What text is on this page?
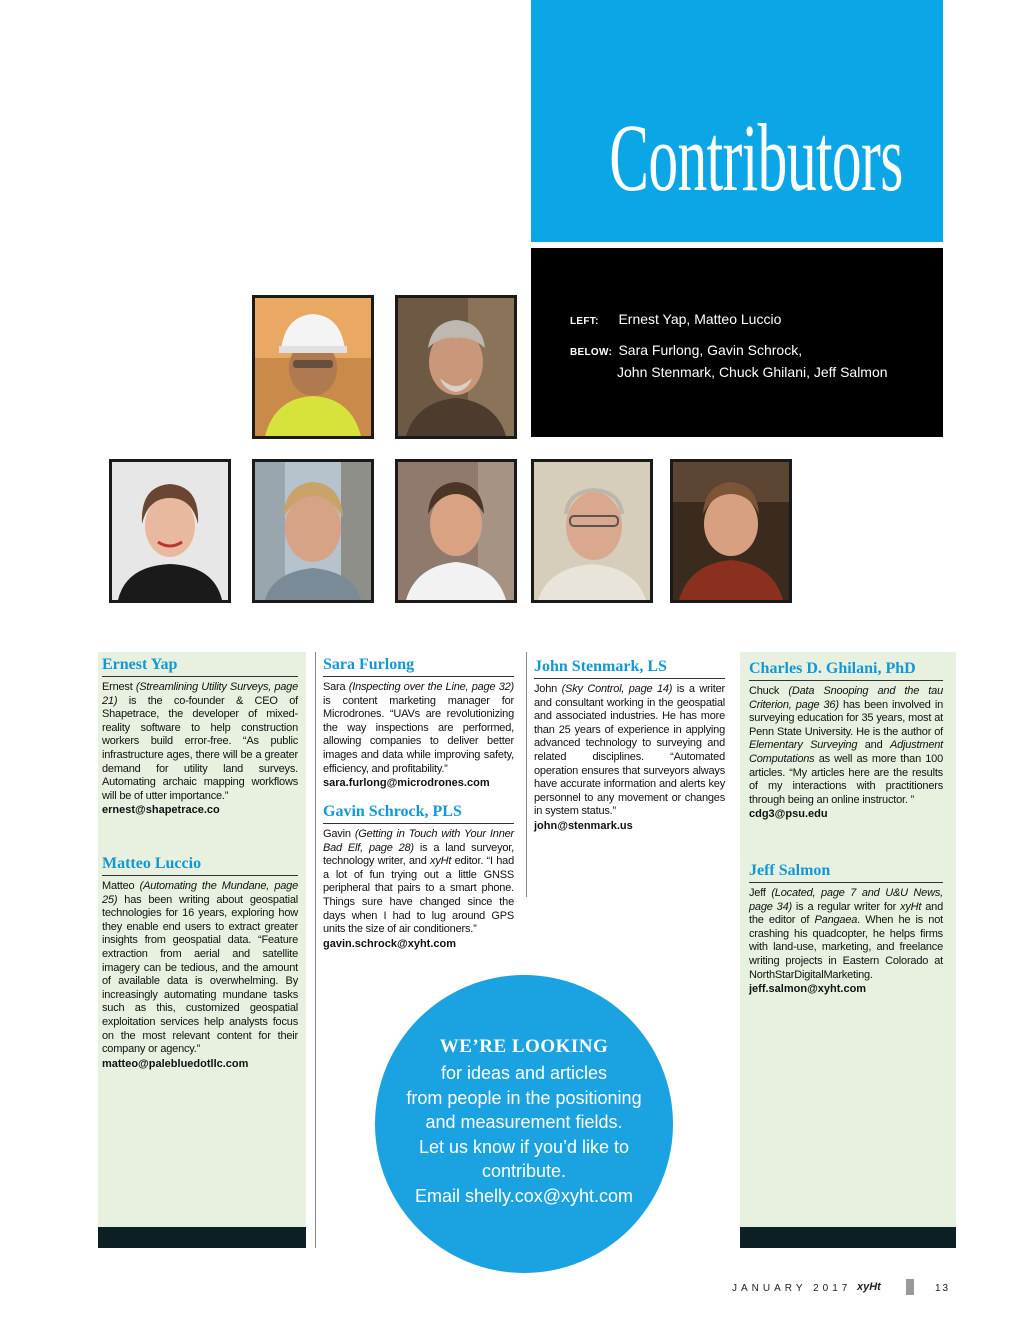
Contributors
LEFT: Ernest Yap, Matteo Luccio
BELOW: Sara Furlong, Gavin Schrock,
John Stenmark, Chuck Ghilani, Jeff Salmon
Ernest Yap
Ernest (Streamlining Utility Surveys, page 21) is the co-founder & CEO of Shapetrace, the developer of mixed-reality software to help construction workers build error-free. “As public infrastructure ages, there will be a greater demand for utility land surveys. Automating archaic mapping workflows will be of utter importance.”
ernest@shapetrace.co
Matteo Luccio
Matteo (Automating the Mundane, page 25) has been writing about geospatial technologies for 16 years, exploring how they enable end users to extract greater insights from geospatial data. “Feature extraction from aerial and satellite imagery can be tedious, and the amount of available data is overwhelming. By increasingly automating mundane tasks such as this, customized geospatial exploitation services help analysts focus on the most relevant content for their company or agency.”
matteo@palebluedotllc.com
Sara Furlong
Sara (Inspecting over the Line, page 32) is content marketing manager for Microdrones. “UAVs are revolutionizing the way inspections are performed, allowing companies to deliver better images and data while improving safety, efficiency, and profitability.”
sara.furlong@microdrones.com
Gavin Schrock, PLS
Gavin (Getting in Touch with Your Inner Bad Elf, page 28) is a land surveyor, technology writer, and xyHt editor. “I had a lot of fun trying out a little GNSS peripheral that pairs to a smart phone. Things sure have changed since the days when I had to lug around GPS units the size of air conditioners.”
gavin.schrock@xyht.com
John Stenmark, LS
John (Sky Control, page 14) is a writer and consultant working in the geospatial and associated industries. He has more than 25 years of experience in applying advanced technology to surveying and related disciplines. “Automated operation ensures that surveyors always have accurate information and alerts key personnel to any movement or changes in system status.”
john@stenmark.us
Charles D. Ghilani, PhD
Chuck (Data Snooping and the tau Criterion, page 36) has been involved in surveying education for 35 years, most at Penn State University. He is the author of Elementary Surveying and Adjustment Computations as well as more than 100 articles. “My articles here are the results of my interactions with practitioners through being an online instructor. ”
cdg3@psu.edu
Jeff Salmon
Jeff (Located, page 7 and U&U News, page 34) is a regular writer for xyHt and the editor of Pangaea. When he is not crashing his quadcopter, he helps firms with land-use, marketing, and freelance writing projects in Eastern Colorado at NorthStarDigitalMarketing.
jeff.salmon@xyht.com
WE’RE LOOKING
for ideas and articles
from people in the positioning
and measurement fields.
Let us know if you’d like to
contribute.
Email shelly.cox@xyht.com
JANUARY 2017 xyHt	13
